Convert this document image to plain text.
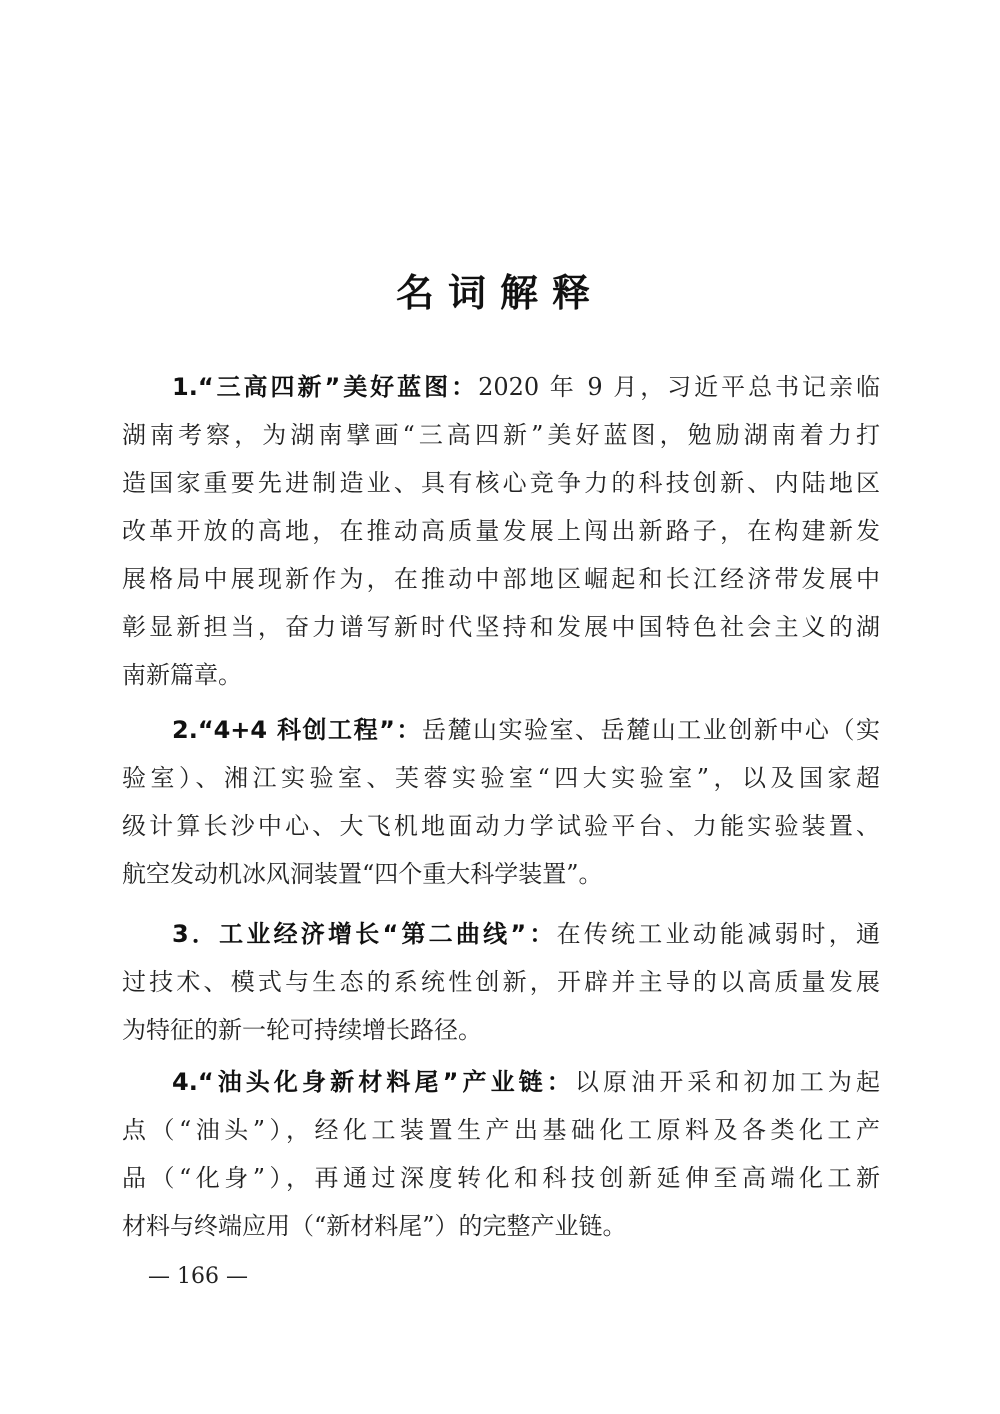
名词解释
1.“三高四新”美好蓝图：2020 年 9 月，习近平总书记亲临
湖南考察，为湖南擘画“三高四新”美好蓝图，勉励湖南着力打
造国家重要先进制造业、具有核心竞争力的科技创新、内陆地区
改革开放的高地，在推动高质量发展上闯出新路子，在构建新发
展格局中展现新作为，在推动中部地区崛起和长江经济带发展中
彰显新担当，奋力谱写新时代坚持和发展中国特色社会主义的湖
南新篇章。
2.“4+4 科创工程”：岳麓山实验室、岳麓山工业创新中心（实
验室）、湘江实验室、芙蓉实验室“四大实验室”，以及国家超
级计算长沙中心、大飞机地面动力学试验平台、力能实验装置、
航空发动机冰风洞装置“四个重大科学装置”。
3．工业经济增长“第二曲线”：在传统工业动能减弱时，通
过技术、模式与生态的系统性创新，开辟并主导的以高质量发展
为特征的新一轮可持续增长路径。
4.“油头化身新材料尾”产业链：以原油开采和初加工为起
点（“油头”），经化工装置生产出基础化工原料及各类化工产
品（“化身”），再通过深度转化和科技创新延伸至高端化工新
材料与终端应用（“新材料尾”）的完整产业链。
— 166 —
